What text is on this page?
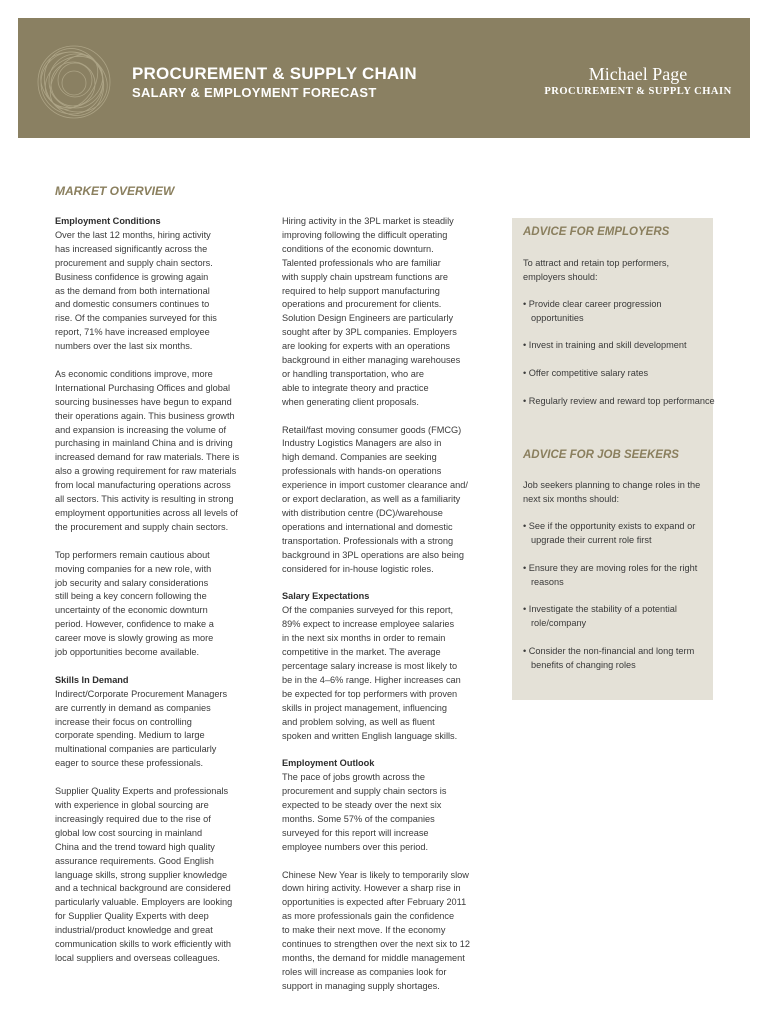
PROCUREMENT & SUPPLY CHAIN
SALARY & EMPLOYMENT FORECAST
Michael Page
PROCUREMENT & SUPPLY CHAIN
MARKET OVERVIEW

Employment Conditions

Over the last 12 months, hiring activity

has increased significantly across the

procurement and supply chain sectors.

Business confidence is growing again

as the demand from both international

and domestic consumers continues to

rise. Of the companies surveyed for this

report, 71% have increased employee

numbers over the last six months.

As economic conditions improve, more

International Purchasing Offices and global

sourcing businesses have begun to expand

their operations again. This business growth

and expansion is increasing the volume of

purchasing in mainland China and is driving

increased demand for raw materials. There is

also a growing requirement for raw materials

from local manufacturing operations across

all sectors. This activity is resulting in strong

employment opportunities across all levels of

the procurement and supply chain sectors.

Top performers remain cautious about

moving companies for a new role, with

job security and salary considerations

still being a key concern following the

uncertainty of the economic downturn

period. However, confidence to make a

career move is slowly growing as more

job opportunities become available.

Skills In Demand

Indirect/Corporate Procurement Managers

are currently in demand as companies

increase their focus on controlling

corporate spending. Medium to large

multinational companies are particularly

eager to source these professionals.

Supplier Quality Experts and professionals

with experience in global sourcing are

increasingly required due to the rise of

global low cost sourcing in mainland

China and the trend toward high quality

assurance requirements. Good English

language skills, strong supplier knowledge

and a technical background are considered

particularly valuable. Employers are looking

for Supplier Quality Experts with deep

industrial/product knowledge and great

communication skills to work efficiently with

local suppliers and overseas colleagues.

Hiring activity in the 3PL market is steadily

improving following the difficult operating

conditions of the economic downturn.

Talented professionals who are familiar

with supply chain upstream functions are

required to help support manufacturing

operations and procurement for clients.

Solution Design Engineers are particularly

sought after by 3PL companies. Employers

are looking for experts with an operations

background in either managing warehouses

or handling transportation, who are

able to integrate theory and practice

when generating client proposals.

Retail/fast moving consumer goods (FMCG)

Industry Logistics Managers are also in

high demand. Companies are seeking

professionals with hands-on operations

experience in import customer clearance and/

or export declaration, as well as a familiarity

with distribution centre (DC)/warehouse

operations and international and domestic

transportation. Professionals with a strong

background in 3PL operations are also being

considered for in-house logistic roles.

Salary Expectations

Of the companies surveyed for this report,

89% expect to increase employee salaries

in the next six months in order to remain

competitive in the market. The average

percentage salary increase is most likely to

be in the 4–6% range. Higher increases can

be expected for top performers with proven

skills in project management, influencing

and problem solving, as well as fluent

spoken and written English language skills.

Employment Outlook

The pace of jobs growth across the

procurement and supply chain sectors is

expected to be steady over the next six

months. Some 57% of the companies

surveyed for this report will increase

employee numbers over this period.

Chinese New Year is likely to temporarily slow

down hiring activity. However a sharp rise in

opportunities is expected after February 2011

as more professionals gain the confidence

to make their next move. If the economy

continues to strengthen over the next six to 12

months, the demand for middle management

roles will increase as companies look for

support in managing supply shortages.

ADVICE FOR EMPLOYERS

To attract and retain top performers, employers should:

• Provide clear career progression opportunities

• Invest in training and skill development

• Offer competitive salary rates

• Regularly review and reward top performance

ADVICE FOR JOB SEEKERS

Job seekers planning to change roles in the next six months should:

• See if the opportunity exists to expand or upgrade their current role first

• Ensure they are moving roles for the right reasons

• Investigate the stability of a potential role/company

• Consider the non-financial and long term benefits of changing roles
